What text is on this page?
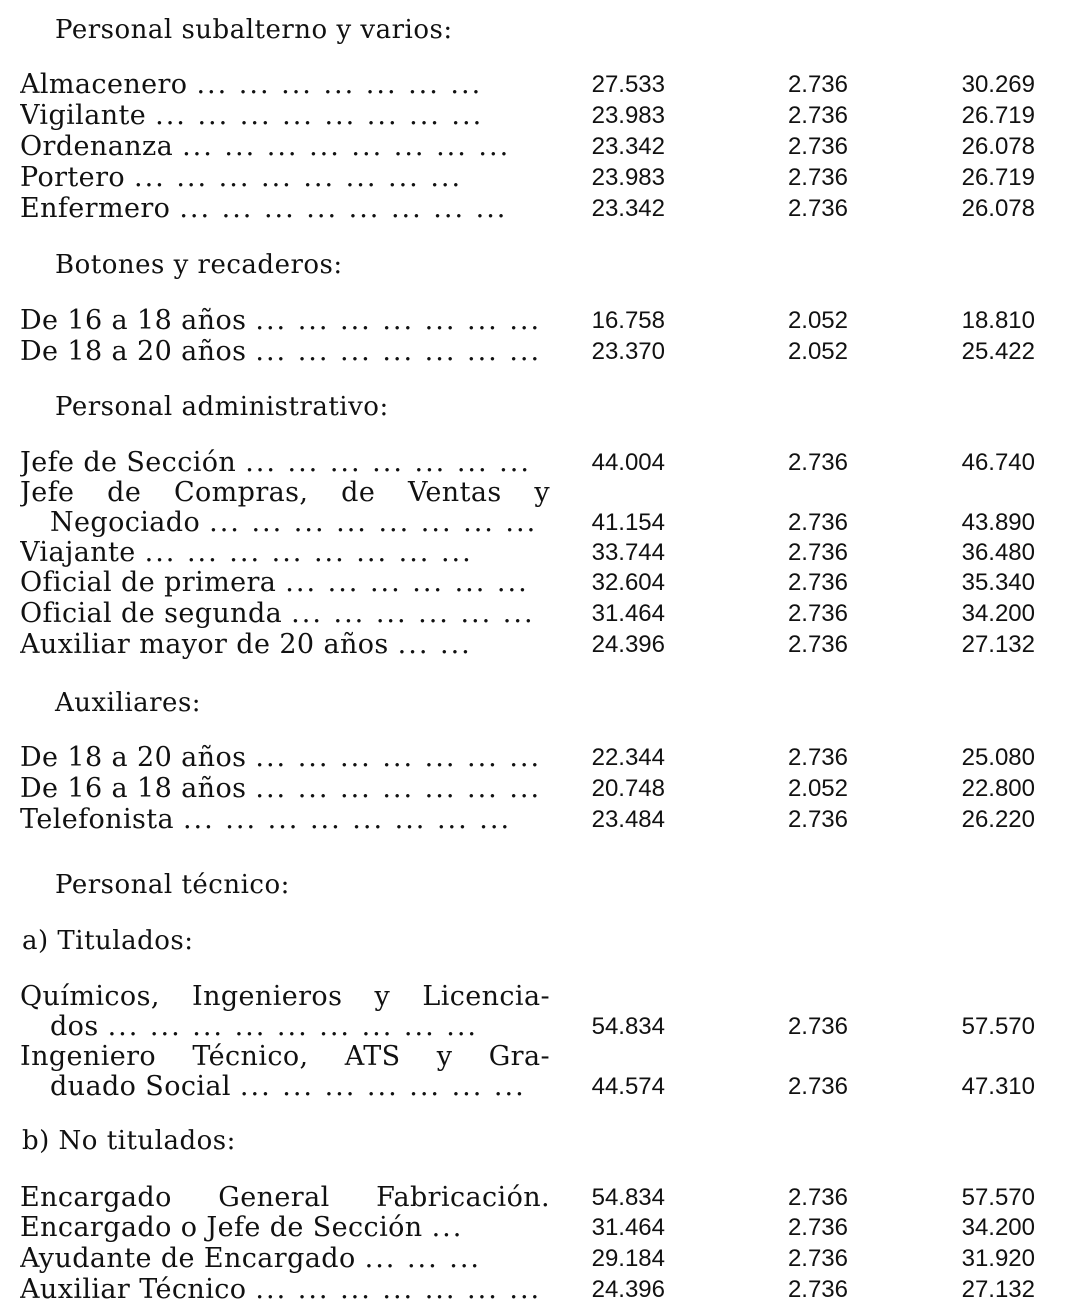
Personal subalterno y varios:
Almacenero ... ... ... ... ... ... ...	27.533	2.736	30.269
Vigilante ... ... ... ... ... ... ... ...	23.983	2.736	26.719
Ordenanza ... ... ... ... ... ... ... ...	23.342	2.736	26.078
Portero ... ... ... ... ... ... ... ...	23.983	2.736	26.719
Enfermero ... ... ... ... ... ... ... ...	23.342	2.736	26.078
Botones y recaderos:
De 16 a 18 años ... ... ... ... ... ... ...	16.758	2.052	18.810
De 18 a 20 años ... ... ... ... ... ... ...	23.370	2.052	25.422
Personal administrativo:
Jefe de Sección ... ... ... ... ... ... ...	44.004	2.736	46.740
Jefe de Compras, de Ventas y
Negociado ... ... ... ... ... ... ... ...	41.154	2.736	43.890
Viajante ... ... ... ... ... ... ... ...	33.744	2.736	36.480
Oficial de primera ... ... ... ... ... ...	32.604	2.736	35.340
Oficial de segunda ... ... ... ... ... ...	31.464	2.736	34.200
Auxiliar mayor de 20 años ... ...	24.396	2.736	27.132
Auxiliares:
De 18 a 20 años ... ... ... ... ... ... ...	22.344	2.736	25.080
De 16 a 18 años ... ... ... ... ... ... ...	20.748	2.052	22.800
Telefonista ... ... ... ... ... ... ... ...	23.484	2.736	26.220
Personal técnico:
a) Titulados:
Químicos, Ingenieros y Licencia-
dos ... ... ... ... ... ... ... ... ...	54.834	2.736	57.570
Ingeniero Técnico, ATS y Gra-
duado Social ... ... ... ... ... ... ...	44.574	2.736	47.310
b) No titulados:
Encargado General Fabricación.	54.834	2.736	57.570
Encargado o Jefe de Sección ...	31.464	2.736	34.200
Ayudante de Encargado ... ... ...	29.184	2.736	31.920
Auxiliar Técnico ... ... ... ... ... ... ...	24.396	2.736	27.132
